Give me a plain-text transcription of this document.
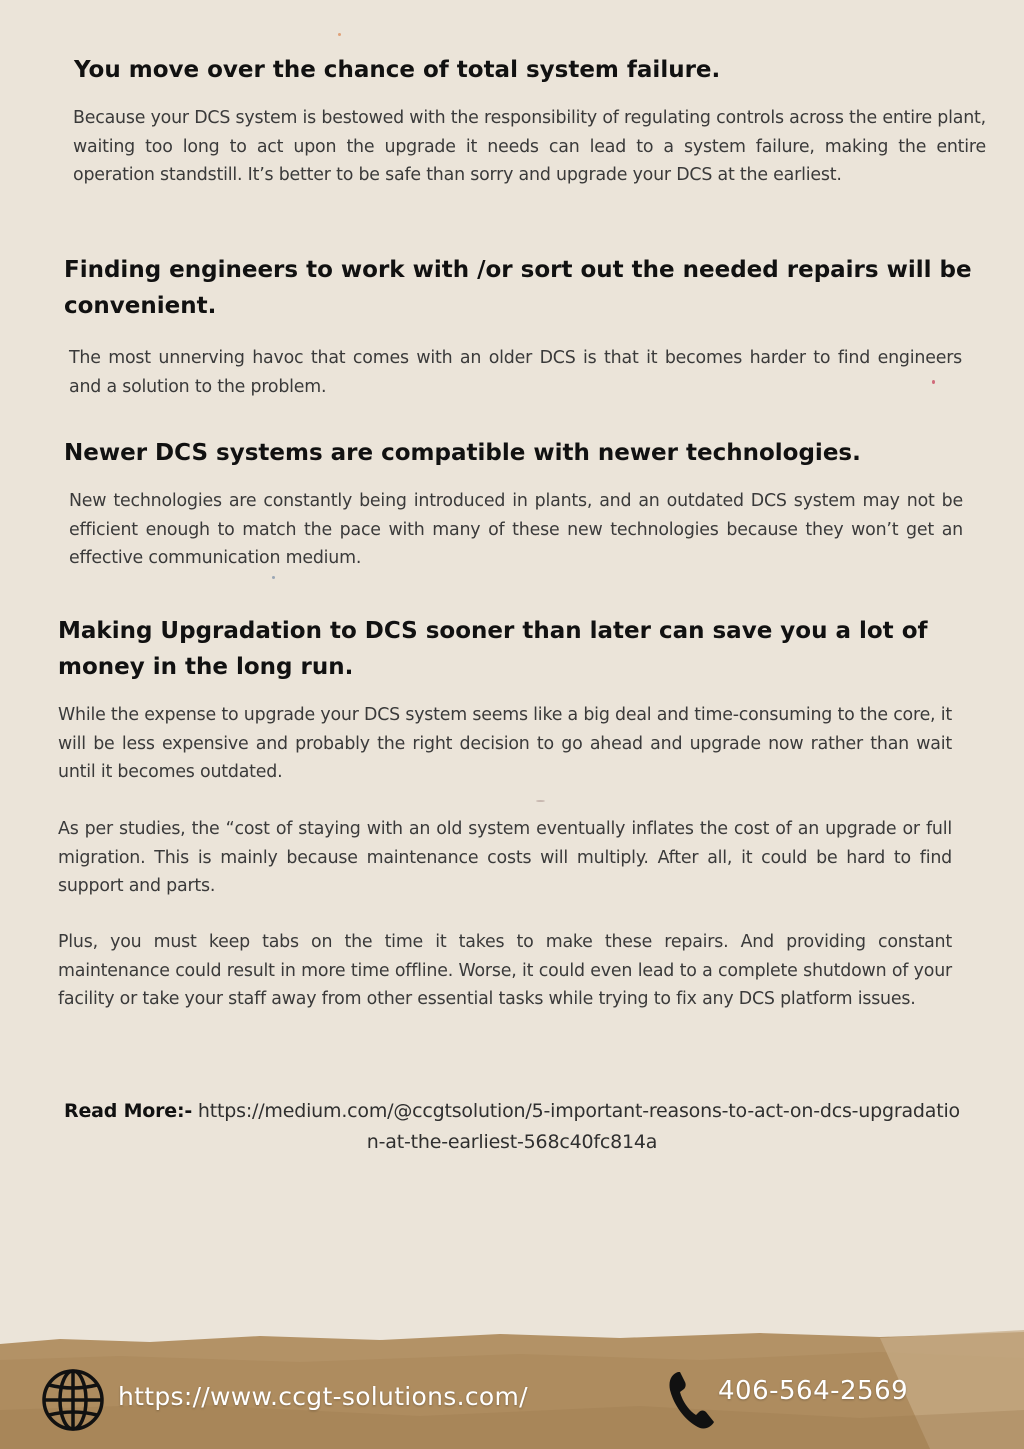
You move over the chance of total system failure.

Because your DCS system is bestowed with the responsibility of regulating controls across the entire plant, waiting too long to act upon the upgrade it needs can lead to a system failure, making the entire operation standstill. It’s better to be safe than sorry and upgrade your DCS at the earliest.

Finding engineers to work with /or sort out the needed repairs will be convenient.

The most unnerving havoc that comes with an older DCS is that it becomes harder to find engineers and a solution to the problem.

Newer DCS systems are compatible with newer technologies.

New technologies are constantly being introduced in plants, and an outdated DCS system may not be efficient enough to match the pace with many of these new technologies because they won’t get an effective communication medium.

Making Upgradation to DCS sooner than later can save you a lot of money in the long run.

While the expense to upgrade your DCS system seems like a big deal and time-consuming to the core, it will be less expensive and probably the right decision to go ahead and upgrade now rather than wait until it becomes outdated.

As per studies, the “cost of staying with an old system eventually inflates the cost of an upgrade or full migration. This is mainly because maintenance costs will multiply. After all, it could be hard to find support and parts.

Plus, you must keep tabs on the time it takes to make these repairs. And providing constant maintenance could result in more time offline. Worse, it could even lead to a complete shutdown of your facility or take your staff away from other essential tasks while trying to fix any DCS platform issues.

Read More:- https://medium.com/@ccgtsolution/5-important-reasons-to-act-on-dcs-upgradation-at-the-earliest-568c40fc814a
https://www.ccgt-solutions.com/	406-564-2569
